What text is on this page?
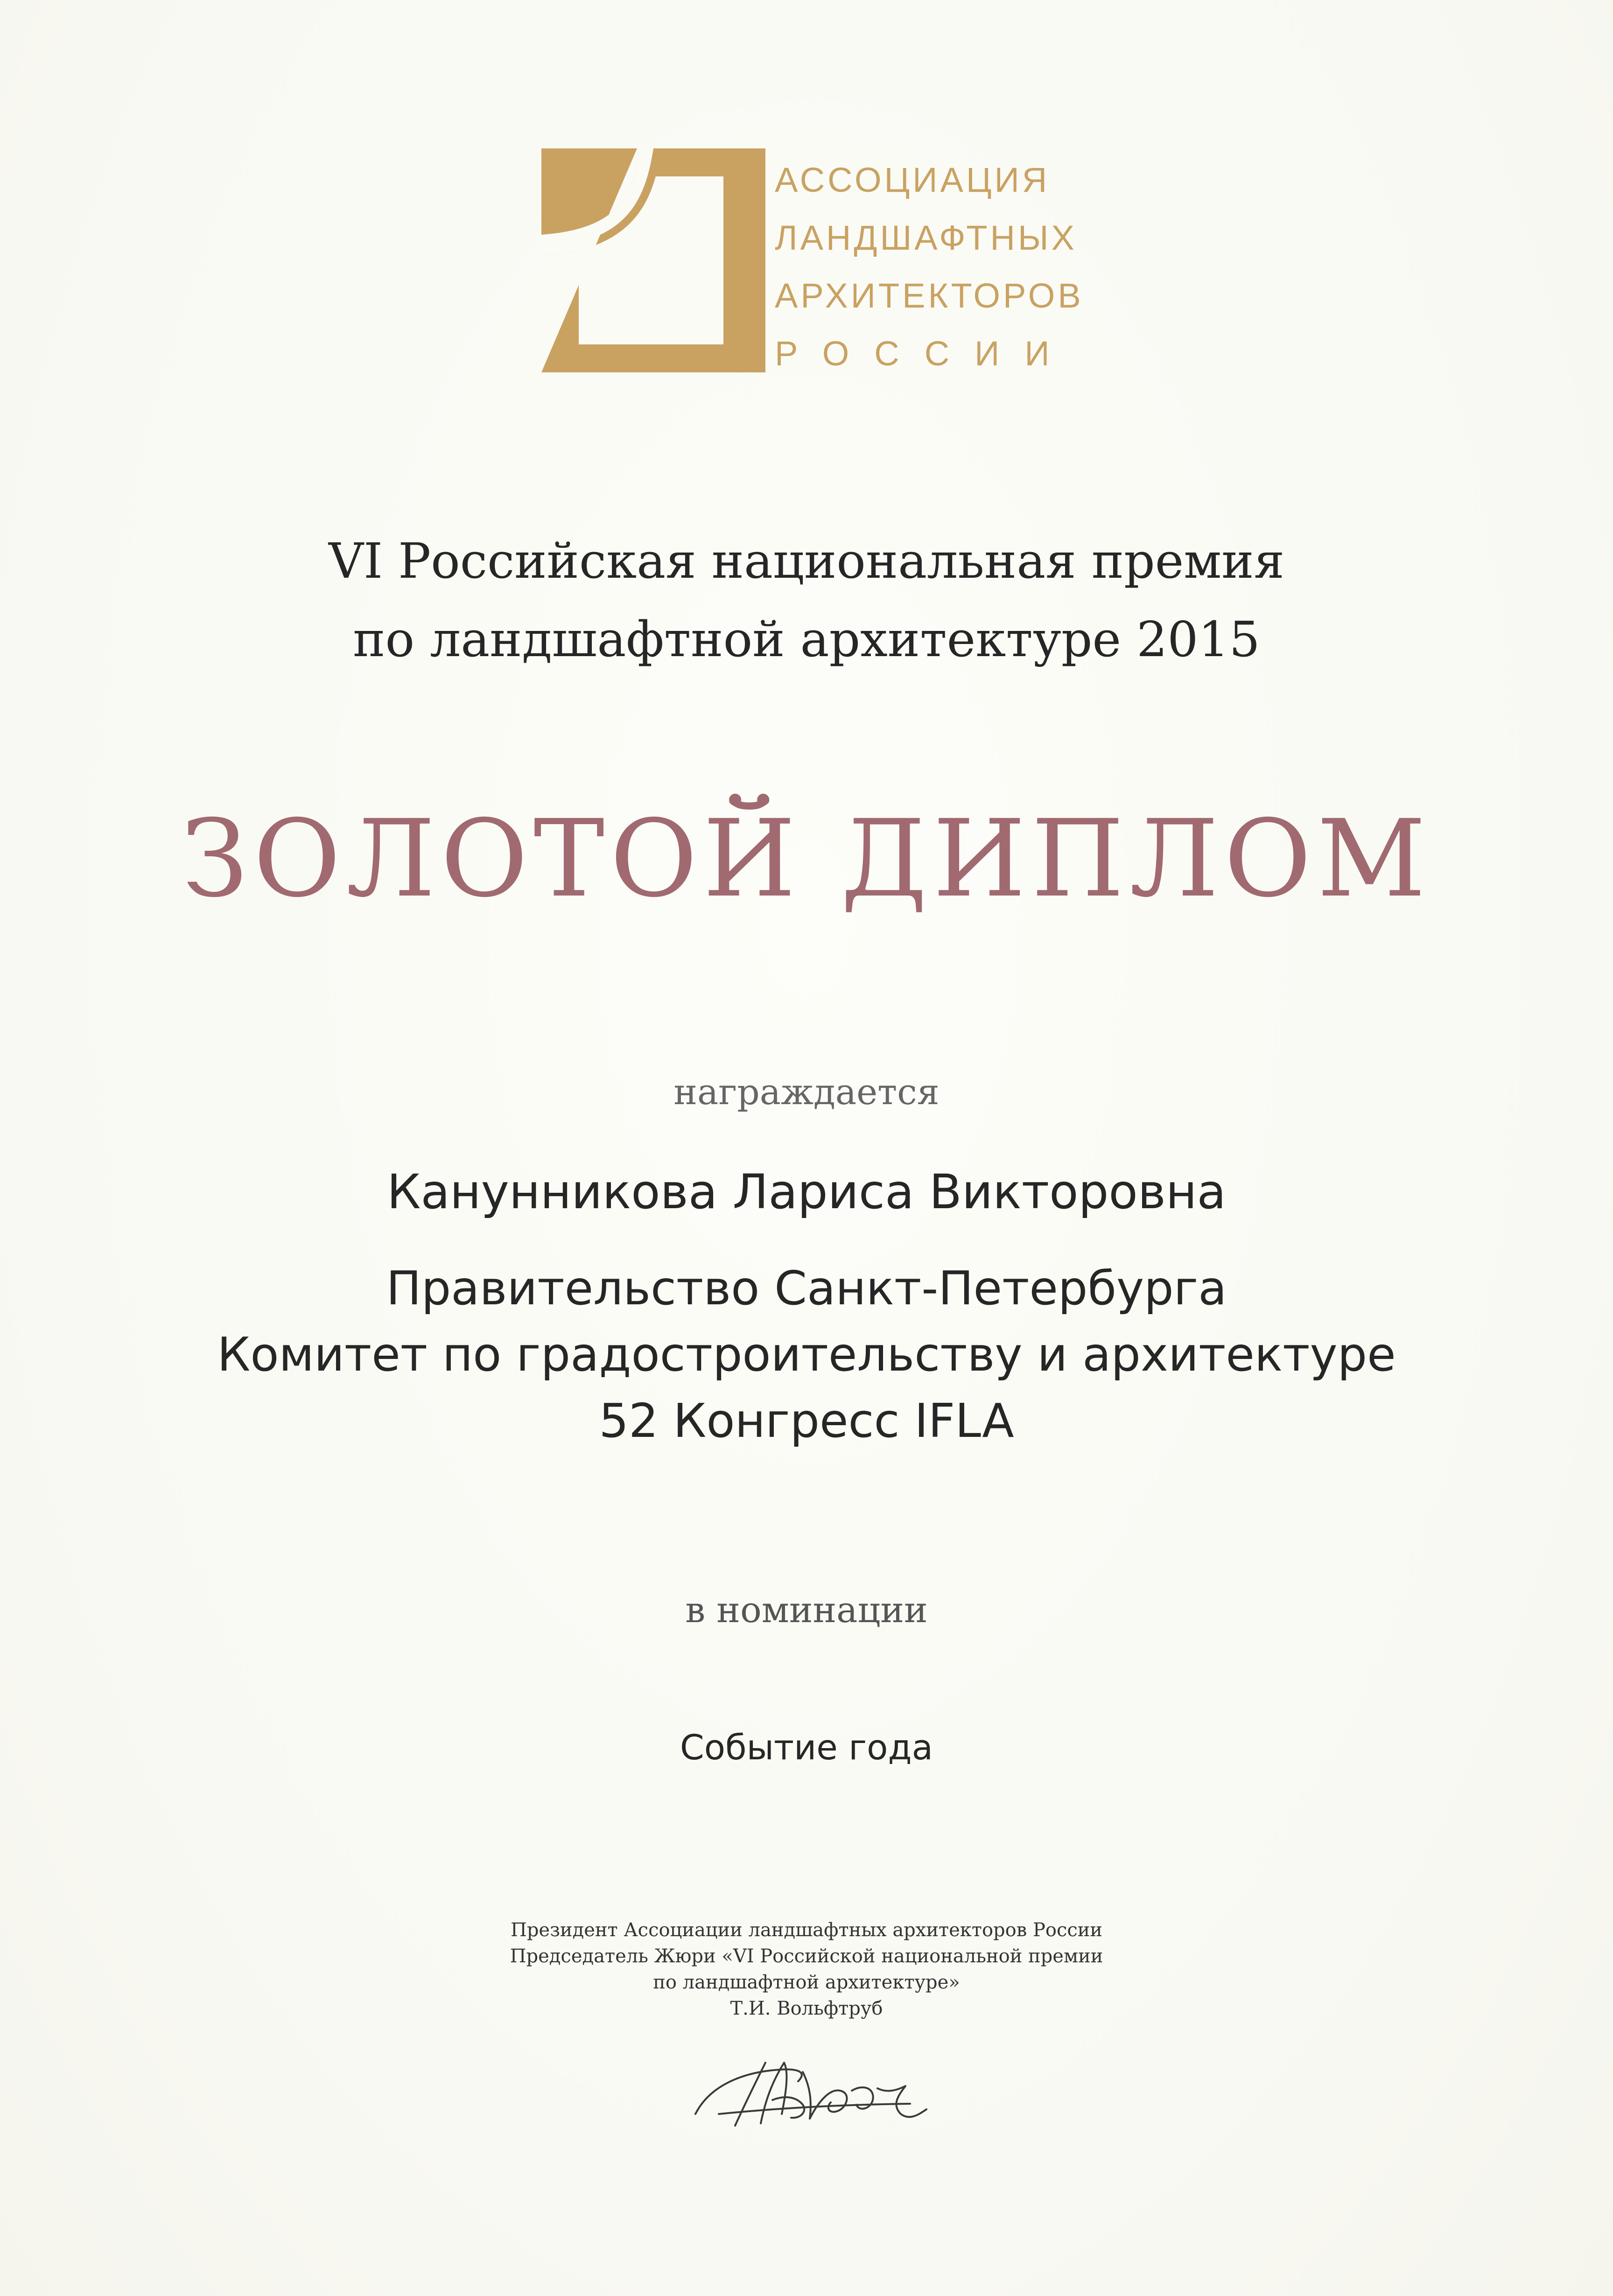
АССОЦИАЦИЯ
ЛАНДШАФТНЫХ
АРХИТЕКТОРОВ
РОССИИ
VI Российская национальная премия
по ландшафтной архитектуре 2015
ЗОЛОТОЙ ДИПЛОМ
награждается
Канунникова Лариса Викторовна
Правительство Санкт-Петербурга
Комитет по градостроительству и архитектуре
52 Конгресс IFLA
в номинации
Событие года
Президент Ассоциации ландшафтных архитекторов России
Председатель Жюри «VI Российской национальной премии
по ландшафтной архитектуре»
Т.И. Вольфтруб
